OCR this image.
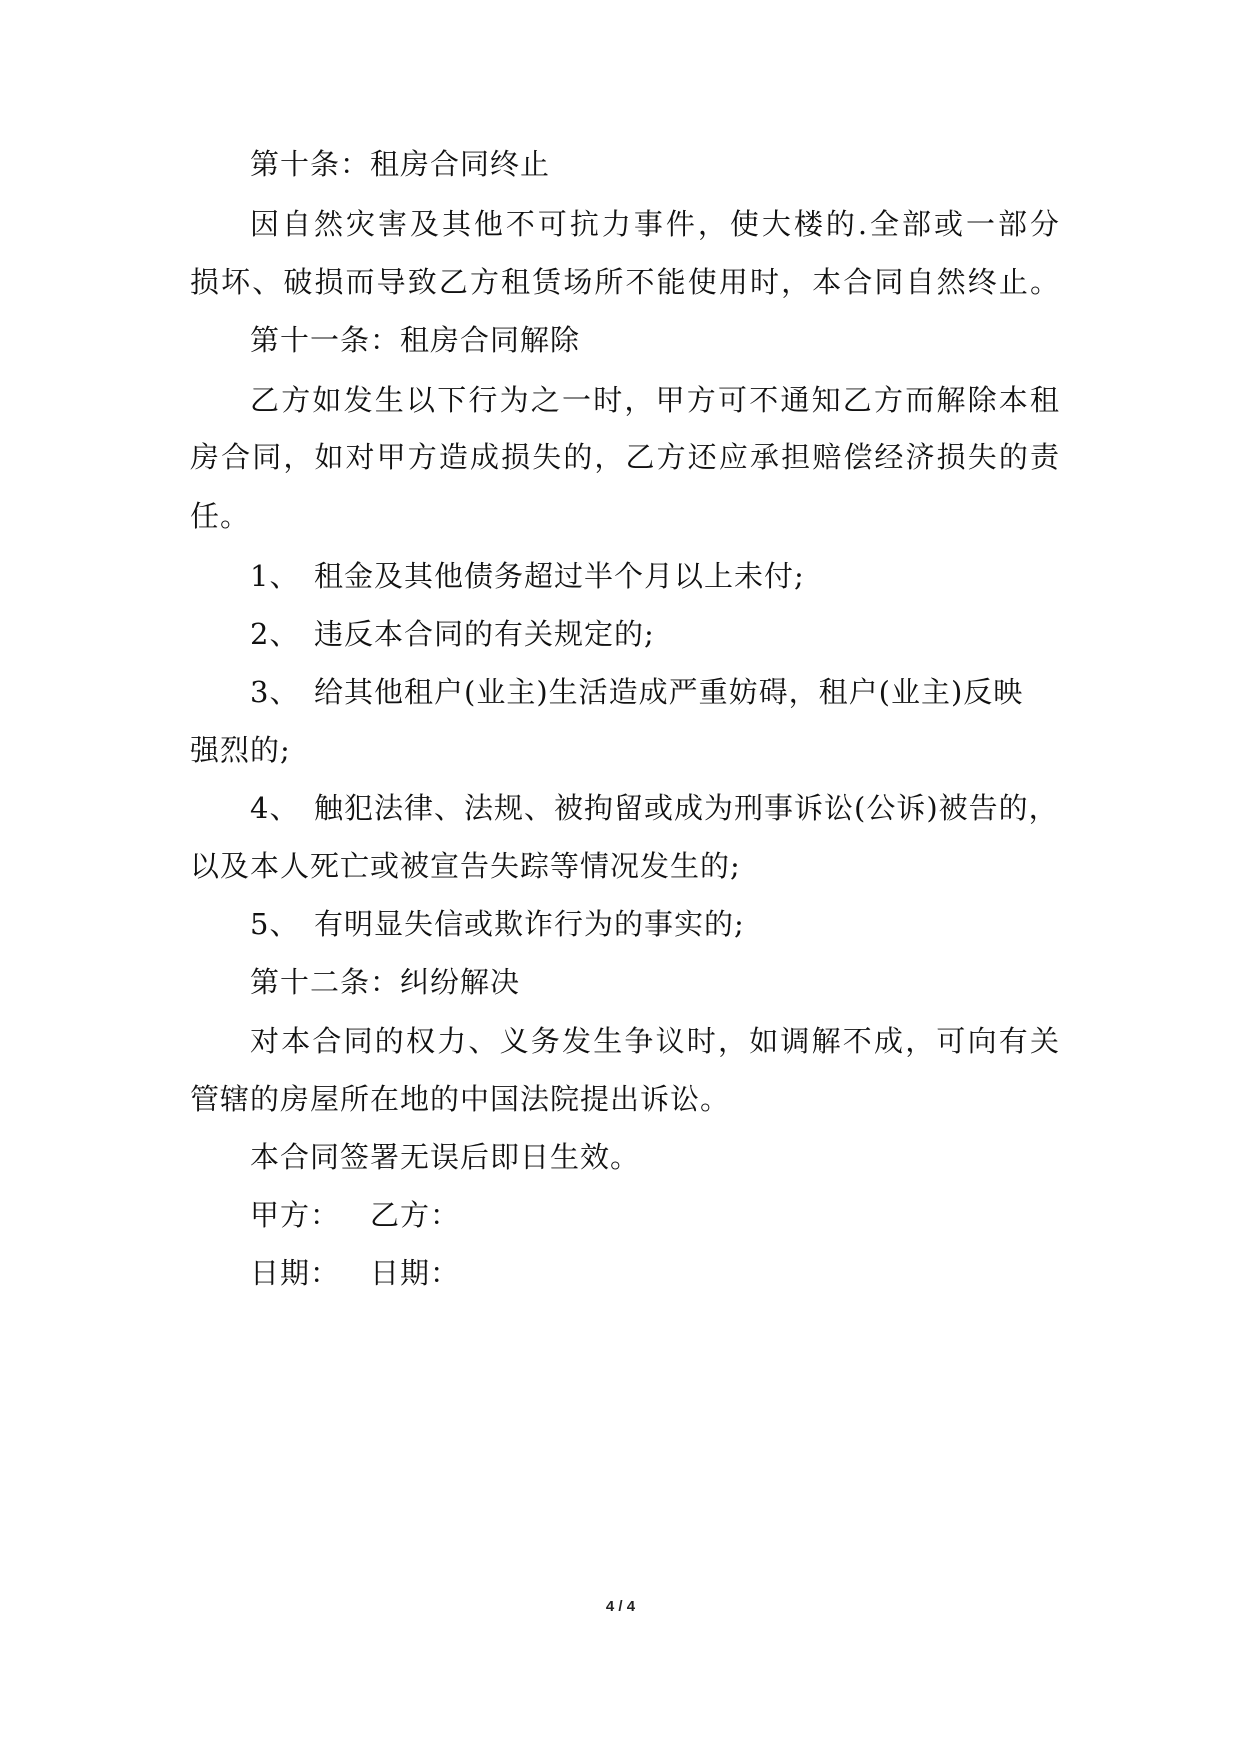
第十条：租房合同终止
因自然灾害及其他不可抗力事件，使大楼的.全部或一部分
损坏、破损而导致乙方租赁场所不能使用时，本合同自然终止。
第十一条：租房合同解除
乙方如发生以下行为之一时，甲方可不通知乙方而解除本租
房合同，如对甲方造成损失的，乙方还应承担赔偿经济损失的责
任。
1、 租金及其他债务超过半个月以上未付;
2、 违反本合同的有关规定的;
3、 给其他租户(业主)生活造成严重妨碍，租户(业主)反映
强烈的;
4、 触犯法律、法规、被拘留或成为刑事诉讼(公诉)被告的，
以及本人死亡或被宣告失踪等情况发生的;
5、 有明显失信或欺诈行为的事实的;
第十二条：纠纷解决
对本合同的权力、义务发生争议时，如调解不成，可向有关
管辖的房屋所在地的中国法院提出诉讼。
本合同签署无误后即日生效。
甲方： 乙方：
日期： 日期：
4 / 4
